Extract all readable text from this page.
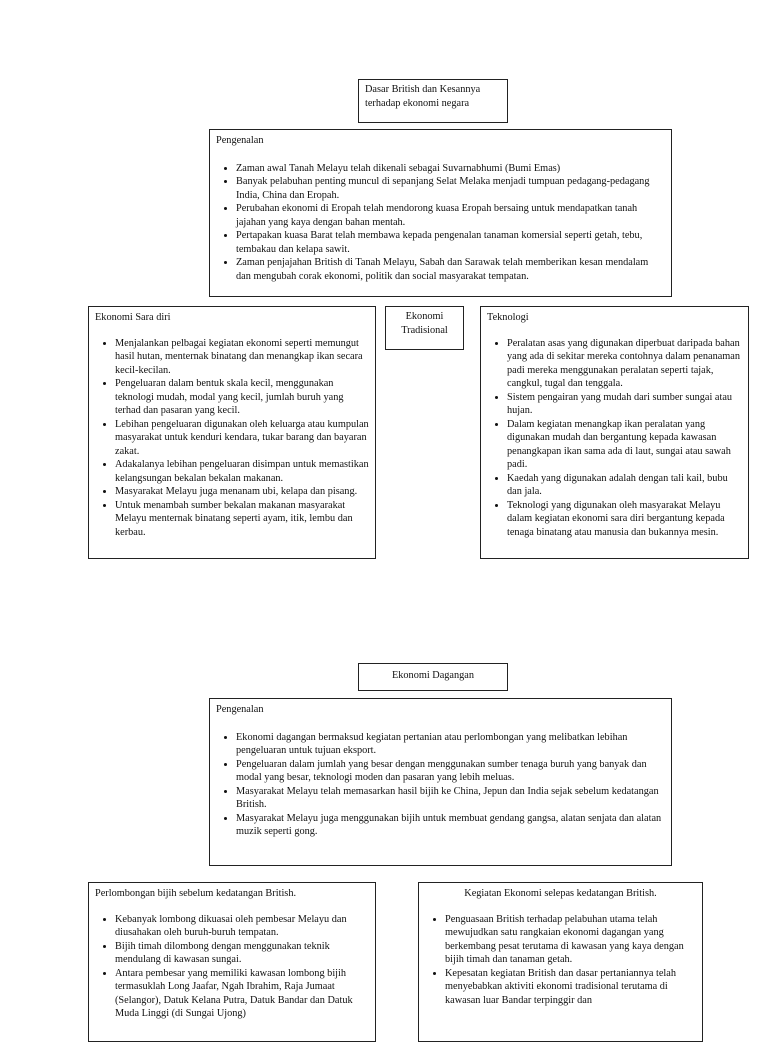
Dasar British dan Kesannya
terhadap ekonomi negara
Pengenalan
• Zaman awal Tanah Melayu telah dikenali sebagai Suvarnabhumi (Bumi Emas)
• Banyak pelabuhan penting muncul di sepanjang Selat Melaka menjadi tumpuan pedagang-pedagang India, China dan Eropah.
• Perubahan ekonomi di Eropah telah mendorong kuasa Eropah bersaing untuk mendapatkan tanah jajahan yang kaya dengan bahan mentah.
• Pertapakan kuasa Barat telah membawa kepada pengenalan tanaman komersial seperti getah, tebu, tembakau dan kelapa sawit.
• Zaman penjajahan British di Tanah Melayu, Sabah dan Sarawak telah memberikan kesan mendalam dan mengubah corak ekonomi, politik dan social masyarakat tempatan.
Ekonomi Sara diri
• Menjalankan pelbagai kegiatan ekonomi seperti memungut hasil hutan, menternak binatang dan menangkap ikan secara kecil-kecilan.
• Pengeluaran dalam bentuk skala kecil, menggunakan teknologi mudah, modal yang kecil, jumlah buruh yang terhad dan pasaran yang kecil.
• Lebihan pengeluaran digunakan oleh keluarga atau kumpulan masyarakat untuk kenduri kendara, tukar barang dan bayaran zakat.
• Adakalanya lebihan pengeluaran disimpan untuk memastikan kelangsungan bekalan bekalan makanan.
• Masyarakat Melayu juga menanam ubi, kelapa dan pisang.
• Untuk menambah sumber bekalan makanan masyarakat Melayu menternak binatang seperti ayam, itik, lembu dan kerbau.
Ekonomi
Tradisional
Teknologi
• Peralatan asas yang digunakan diperbuat daripada bahan yang ada di sekitar mereka contohnya dalam penanaman padi mereka menggunakan peralatan seperti tajak, cangkul, tugal dan tenggala.
• Sistem pengairan yang mudah dari sumber sungai atau hujan.
• Dalam kegiatan menangkap ikan peralatan yang digunakan mudah dan bergantung kepada kawasan penangkapan ikan sama ada di laut, sungai atau sawah padi.
• Kaedah yang digunakan adalah dengan tali kail, bubu dan jala.
• Teknologi yang digunakan oleh masyarakat Melayu dalam kegiatan ekonomi sara diri bergantung kepada tenaga binatang atau manusia dan bukannya mesin.
Ekonomi Dagangan
Pengenalan
• Ekonomi dagangan bermaksud kegiatan pertanian atau perlombongan yang melibatkan lebihan pengeluaran untuk tujuan eksport.
• Pengeluaran dalam jumlah yang besar dengan menggunakan sumber tenaga buruh yang banyak dan modal yang besar, teknologi moden dan pasaran yang lebih meluas.
• Masyarakat Melayu telah memasarkan hasil bijih ke China, Jepun dan India sejak sebelum kedatangan British.
• Masyarakat Melayu juga menggunakan bijih untuk membuat gendang gangsa, alatan senjata dan alatan muzik seperti gong.
Perlombongan bijih sebelum kedatangan British.
• Kebanyak lombong dikuasai oleh pembesar Melayu dan diusahakan oleh buruh-buruh tempatan.
• Bijih timah dilombong dengan menggunakan teknik mendulang di kawasan sungai.
• Antara pembesar yang memiliki kawasan lombong bijih termasuklah Long Jaafar, Ngah Ibrahim, Raja Jumaat (Selangor), Datuk Kelana Putra, Datuk Bandar dan Datuk Muda Linggi (di Sungai Ujong)
Kegiatan Ekonomi selepas kedatangan British.
• Penguasaan British terhadap pelabuhan utama telah mewujudkan satu rangkaian ekonomi dagangan yang berkembang pesat terutama di kawasan yang kaya dengan bijih timah dan tanaman getah.
• Kepesatan kegiatan British dan dasar pertaniannya telah menyebabkan aktiviti ekonomi tradisional terutama di kawasan luar Bandar terpinggir dan
